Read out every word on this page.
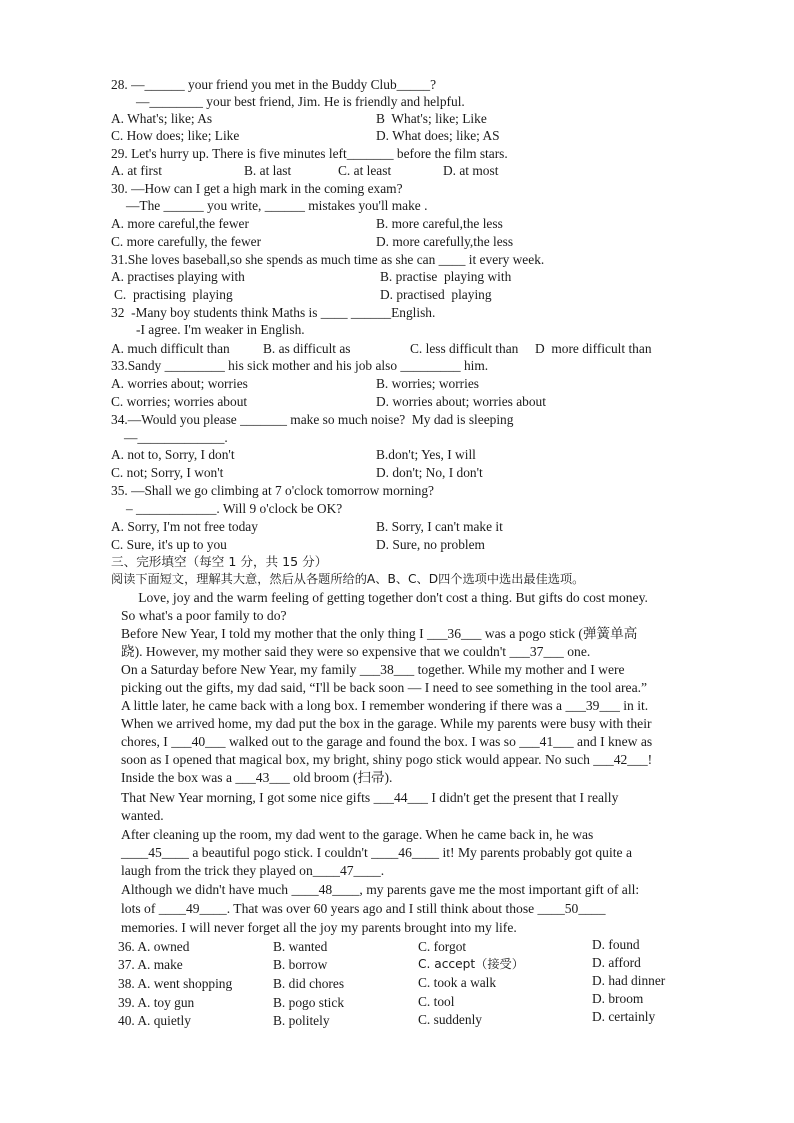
28. —______ your friend you met in the Buddy Club_____?
—________ your best friend, Jim. He is friendly and helpful.
A. What's; like; As	B  What's; like; Like
C. How does; like; Like	D. What does; like; AS
29. Let's hurry up. There is five minutes left_______ before the film stars.
A. at first	B. at last	C. at least	D. at most
30. —How can I get a high mark in the coming exam?
—The ______ you write, ______ mistakes you'll make .
A. more careful,the fewer	B. more careful,the less
C. more carefully, the fewer	D. more carefully,the less
31.She loves baseball,so she spends as much time as she can ____ it every week.
A. practises playing with	B. practise  playing with
C.  practising  playing	D. practised  playing
32  -Many boy students think Maths is ____ ______English.
-I agree. I'm weaker in English.
A. much difficult than B. as difficult as	C. less difficult than D  more difficult than
33.Sandy _________ his sick mother and his job also _________ him.
A. worries about; worries	B. worries; worries
C. worries; worries about	D. worries about; worries about
34.—Would you please _______ make so much noise?  My dad is sleeping
—_____________.
A. not to, Sorry, I don't	B.don't; Yes, I will
C. not; Sorry, I won't	D. don't; No, I don't
35. —Shall we go climbing at 7 o'clock tomorrow morning?
– ____________. Will 9 o'clock be OK?
A. Sorry, I'm not free today	B. Sorry, I can't make it
C. Sure, it's up to you	D. Sure, no problem
三、完形填空（每空 1 分，共 15 分）
阅读下面短文，理解其大意，然后从各题所给的A、B、C、D四个选项中选出最佳选项。
Love, joy and the warm feeling of getting together don't cost a thing. But gifts do cost money.
So what's a poor family to do?
Before New Year, I told my mother that the only thing I ___36___ was a pogo stick (弹簧单高
跷). However, my mother said they were so expensive that we couldn't ___37___ one.
On a Saturday before New Year, my family ___38___ together. While my mother and I were
picking out the gifts, my dad said, “I'll be back soon — I need to see something in the tool area.”
A little later, he came back with a long box. I remember wondering if there was a ___39___ in it.
When we arrived home, my dad put the box in the garage. While my parents were busy with their
chores, I ___40___ walked out to the garage and found the box. I was so ___41___ and I knew as
soon as I opened that magical box, my bright, shiny pogo stick would appear. No such ___42___!
Inside the box was a ___43___ old broom (扫帚).
That New Year morning, I got some nice gifts ___44___ I didn't get the present that I really
wanted.
After cleaning up the room, my dad went to the garage. When he came back in, he was
____45____ a beautiful pogo stick. I couldn't ____46____ it! My parents probably got quite a
laugh from the trick they played on____47____.
Although we didn't have much ____48____, my parents gave me the most important gift of all:
lots of ____49____. That was over 60 years ago and I still think about those ____50____
memories. I will never forget all the joy my parents brought into my life.
36. A. owned	B. wanted	C. forgot	D. found
37. A. make	B. borrow	C. accept（接受）	D. afford
38. A. went shopping	B. did chores	C. took a walk	D. had dinner
39. A. toy gun	B. pogo stick	C. tool	D. broom
40. A. quietly	B. politely	C. suddenly	D. certainly
